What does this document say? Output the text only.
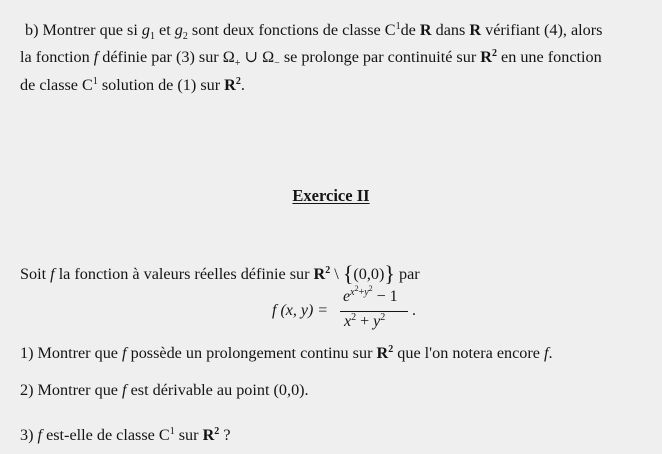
b) Montrer que si $g_1$ et $g_2$ sont deux fonctions de classe $C^1de$ R dans R vérifiant (4), alors
la fonction f définie par (3) sur $\Omega_+$ ∪ $\Omega_-$ se prolonge par continuité sur $R^2$ en une fonction
de classe $C^1$ solution de (1) sur $R^2$.
Exercice II
Soit f la fonction à valeurs réelles définie sur $R^2$ \ {(0,0)} par
f (x, y) =
$e^{x^2+y^2} - 1$
$x^2 + y^2$ .
1) Montrer que f possède un prolongement continu sur $R^2$ que l'on notera encore f.
2) Montrer que f est dérivable au point (0,0).
3) f est-elle de classe $C^1$ sur $R^2$ ?
